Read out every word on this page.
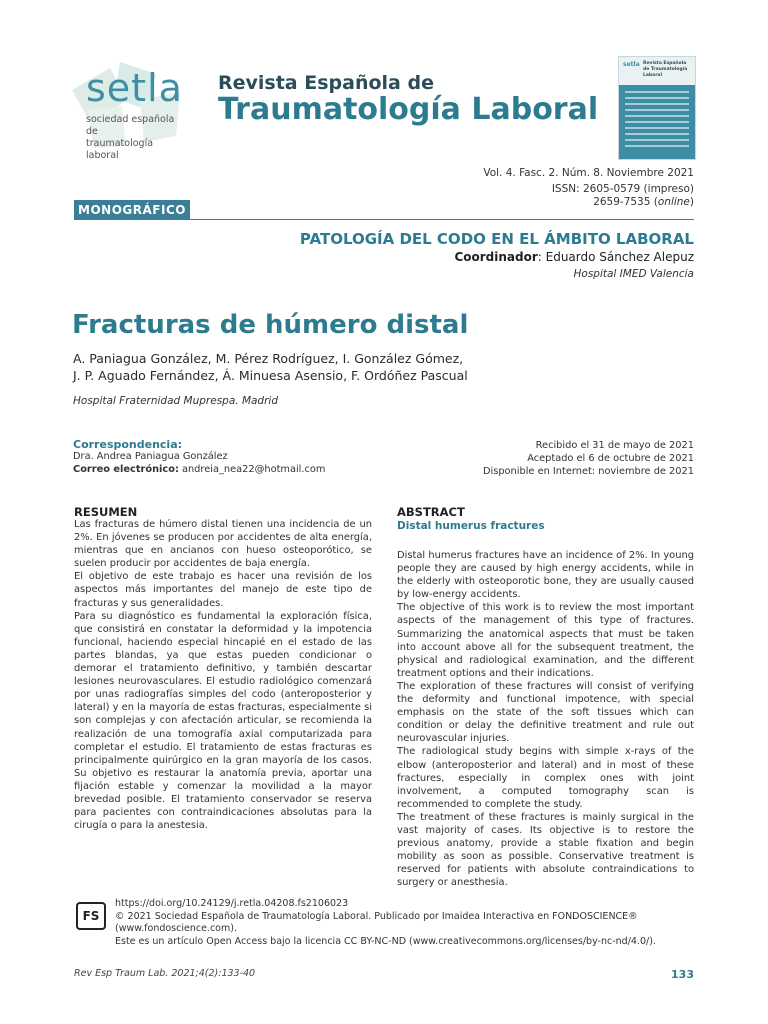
setla
sociedad española de
traumatología laboral
Revista Española de
Traumatología Laboral
setla Revista Española de Traumatología Laboral
Vol. 4. Fasc. 2. Núm. 8. Noviembre 2021
ISSN: 2605-0579 (impreso)
2659-7535 (online)
MONOGRÁFICO
PATOLOGÍA DEL CODO EN EL ÁMBITO LABORAL
Coordinador: Eduardo Sánchez Alepuz
Hospital IMED Valencia
Fracturas de húmero distal
A. Paniagua González, M. Pérez Rodríguez, I. González Gómez,
J. P. Aguado Fernández, Á. Minuesa Asensio, F. Ordóñez Pascual
Hospital Fraternidad Muprespa. Madrid
Correspondencia:
Dra. Andrea Paniagua González
Correo electrónico: andreia_nea22@hotmail.com
Recibido el 31 de mayo de 2021
Aceptado el 6 de octubre de 2021
Disponible en Internet: noviembre de 2021
RESUMEN

Las fracturas de húmero distal tienen una incidencia de un 2%. En jóvenes se producen por accidentes de alta energía, mientras que en ancianos con hueso osteoporótico, se suelen producir por accidentes de baja energía.

El objetivo de este trabajo es hacer una revisión de los aspectos más importantes del manejo de este tipo de fracturas y sus generalidades.

Para su diagnóstico es fundamental la exploración física, que consistirá en constatar la deformidad y la impotencia funcional, haciendo especial hincapié en el estado de las partes blandas, ya que estas pueden condicionar o demorar el tratamiento definitivo, y también descartar lesiones neurovasculares. El estudio radiológico comenzará por unas radiografías simples del codo (anteroposterior y lateral) y en la mayoría de estas fracturas, especialmente si son complejas y con afectación articular, se recomienda la realización de una tomografía axial computarizada para completar el estudio. El tratamiento de estas fracturas es principalmente quirúrgico en la gran mayoría de los casos. Su objetivo es restaurar la anatomía previa, aportar una fijación estable y comenzar la movilidad a la mayor brevedad posible. El tratamiento conservador se reserva para pacientes con contraindicaciones absolutas para la cirugía o para la anestesia.

ABSTRACT
Distal humerus fractures

Distal humerus fractures have an incidence of 2%. In young people they are caused by high energy accidents, while in the elderly with osteoporotic bone, they are usually caused by low-energy accidents.

The objective of this work is to review the most important aspects of the management of this type of fractures. Summarizing the anatomical aspects that must be taken into account above all for the subsequent treatment, the physical and radiological examination, and the different treatment options and their indications.

The exploration of these fractures will consist of verifying the deformity and functional impotence, with special emphasis on the state of the soft tissues which can condition or delay the definitive treatment and rule out neurovascular injuries.

The radiological study begins with simple x-rays of the elbow (anteroposterior and lateral) and in most of these fractures, especially in complex ones with joint involvement, a computed tomography scan is recommended to complete the study.

The treatment of these fractures is mainly surgical in the vast majority of cases. Its objective is to restore the previous anatomy, provide a stable fixation and begin mobility as soon as possible. Conservative treatment is reserved for patients with absolute contraindications to surgery or anesthesia.

FS
https://doi.org/10.24129/j.retla.04208.fs2106023
© 2021 Sociedad Española de Traumatología Laboral. Publicado por Imaidea Interactiva en FONDOSCIENCE® (www.fondoscience.com).
Este es un artículo Open Access bajo la licencia CC BY-NC-ND (www.creativecommons.org/licenses/by-nc-nd/4.0/).
Rev Esp Traum Lab. 2021;4(2):133-40	133
